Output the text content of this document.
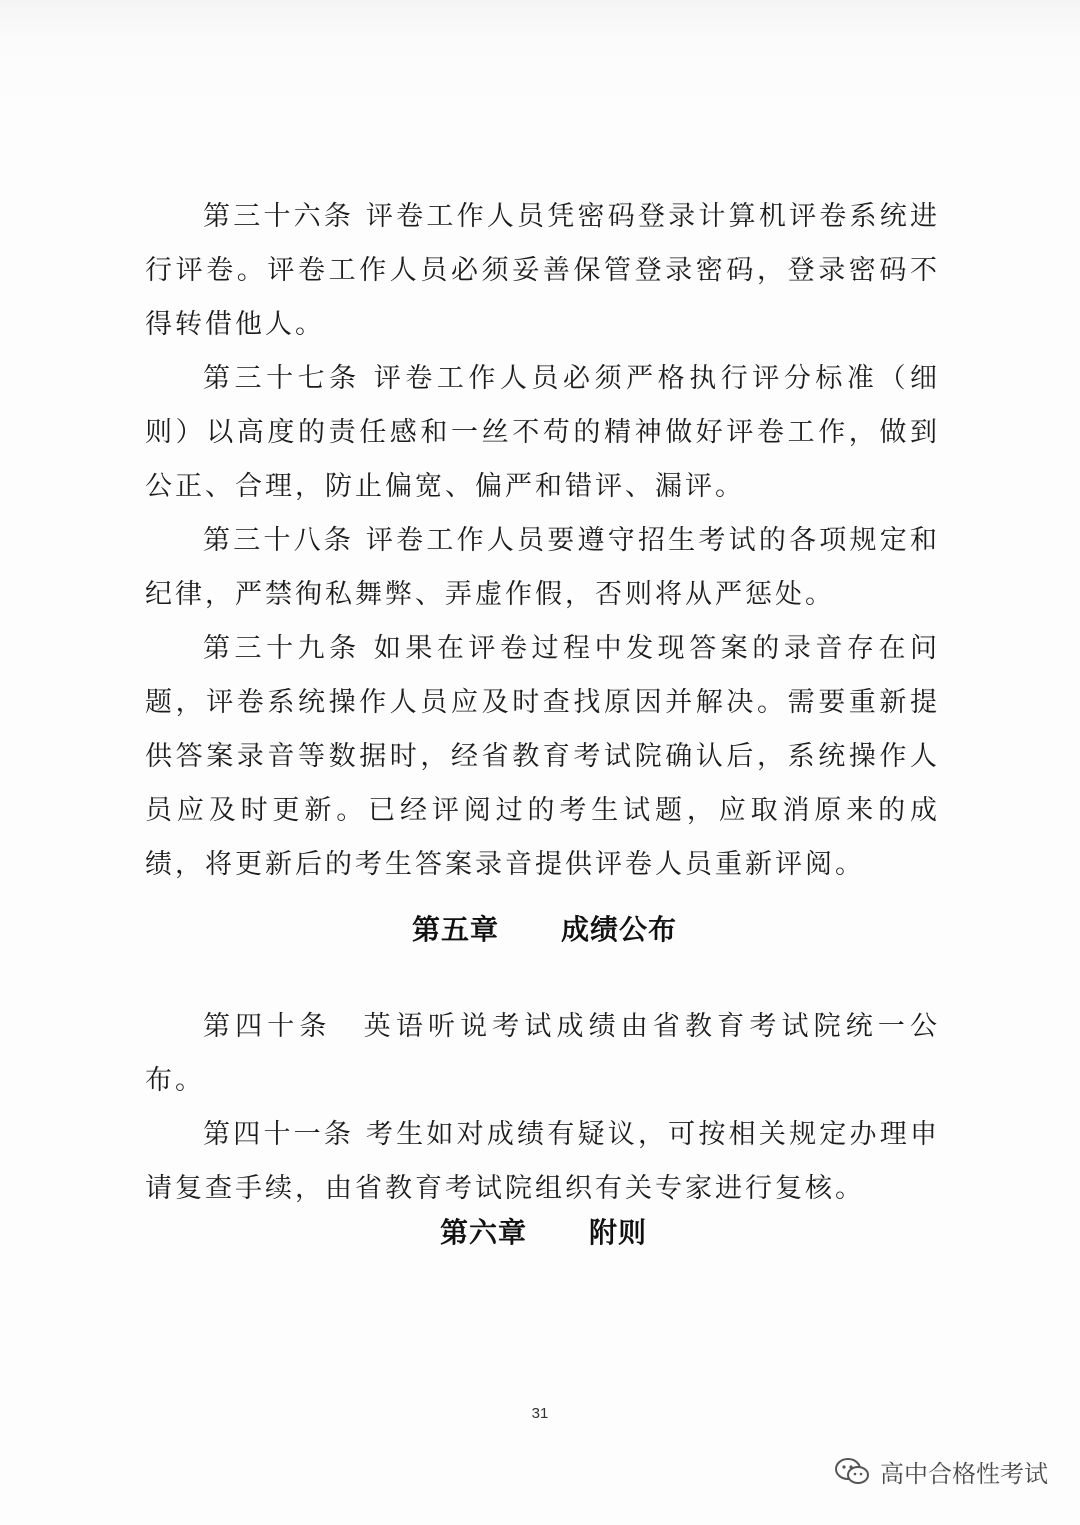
第三十六条 评卷工作人员凭密码登录计算机评卷系统进行评卷。评卷工作人员必须妥善保管登录密码，登录密码不得转借他人。

第三十七条 评卷工作人员必须严格执行评分标准（细则）以高度的责任感和一丝不苟的精神做好评卷工作，做到公正、合理，防止偏宽、偏严和错评、漏评。

第三十八条 评卷工作人员要遵守招生考试的各项规定和纪律，严禁徇私舞弊、弄虚作假，否则将从严惩处。

第三十九条 如果在评卷过程中发现答案的录音存在问题，评卷系统操作人员应及时查找原因并解决。需要重新提供答案录音等数据时，经省教育考试院确认后，系统操作人员应及时更新。已经评阅过的考生试题，应取消原来的成绩，将更新后的考生答案录音提供评卷人员重新评阅。

第五章 成绩公布

第四十条　英语听说考试成绩由省教育考试院统一公布。

第四十一条 考生如对成绩有疑议，可按相关规定办理申请复查手续，由省教育考试院组织有关专家进行复核。

第六章 附则
31
高中合格性考试
